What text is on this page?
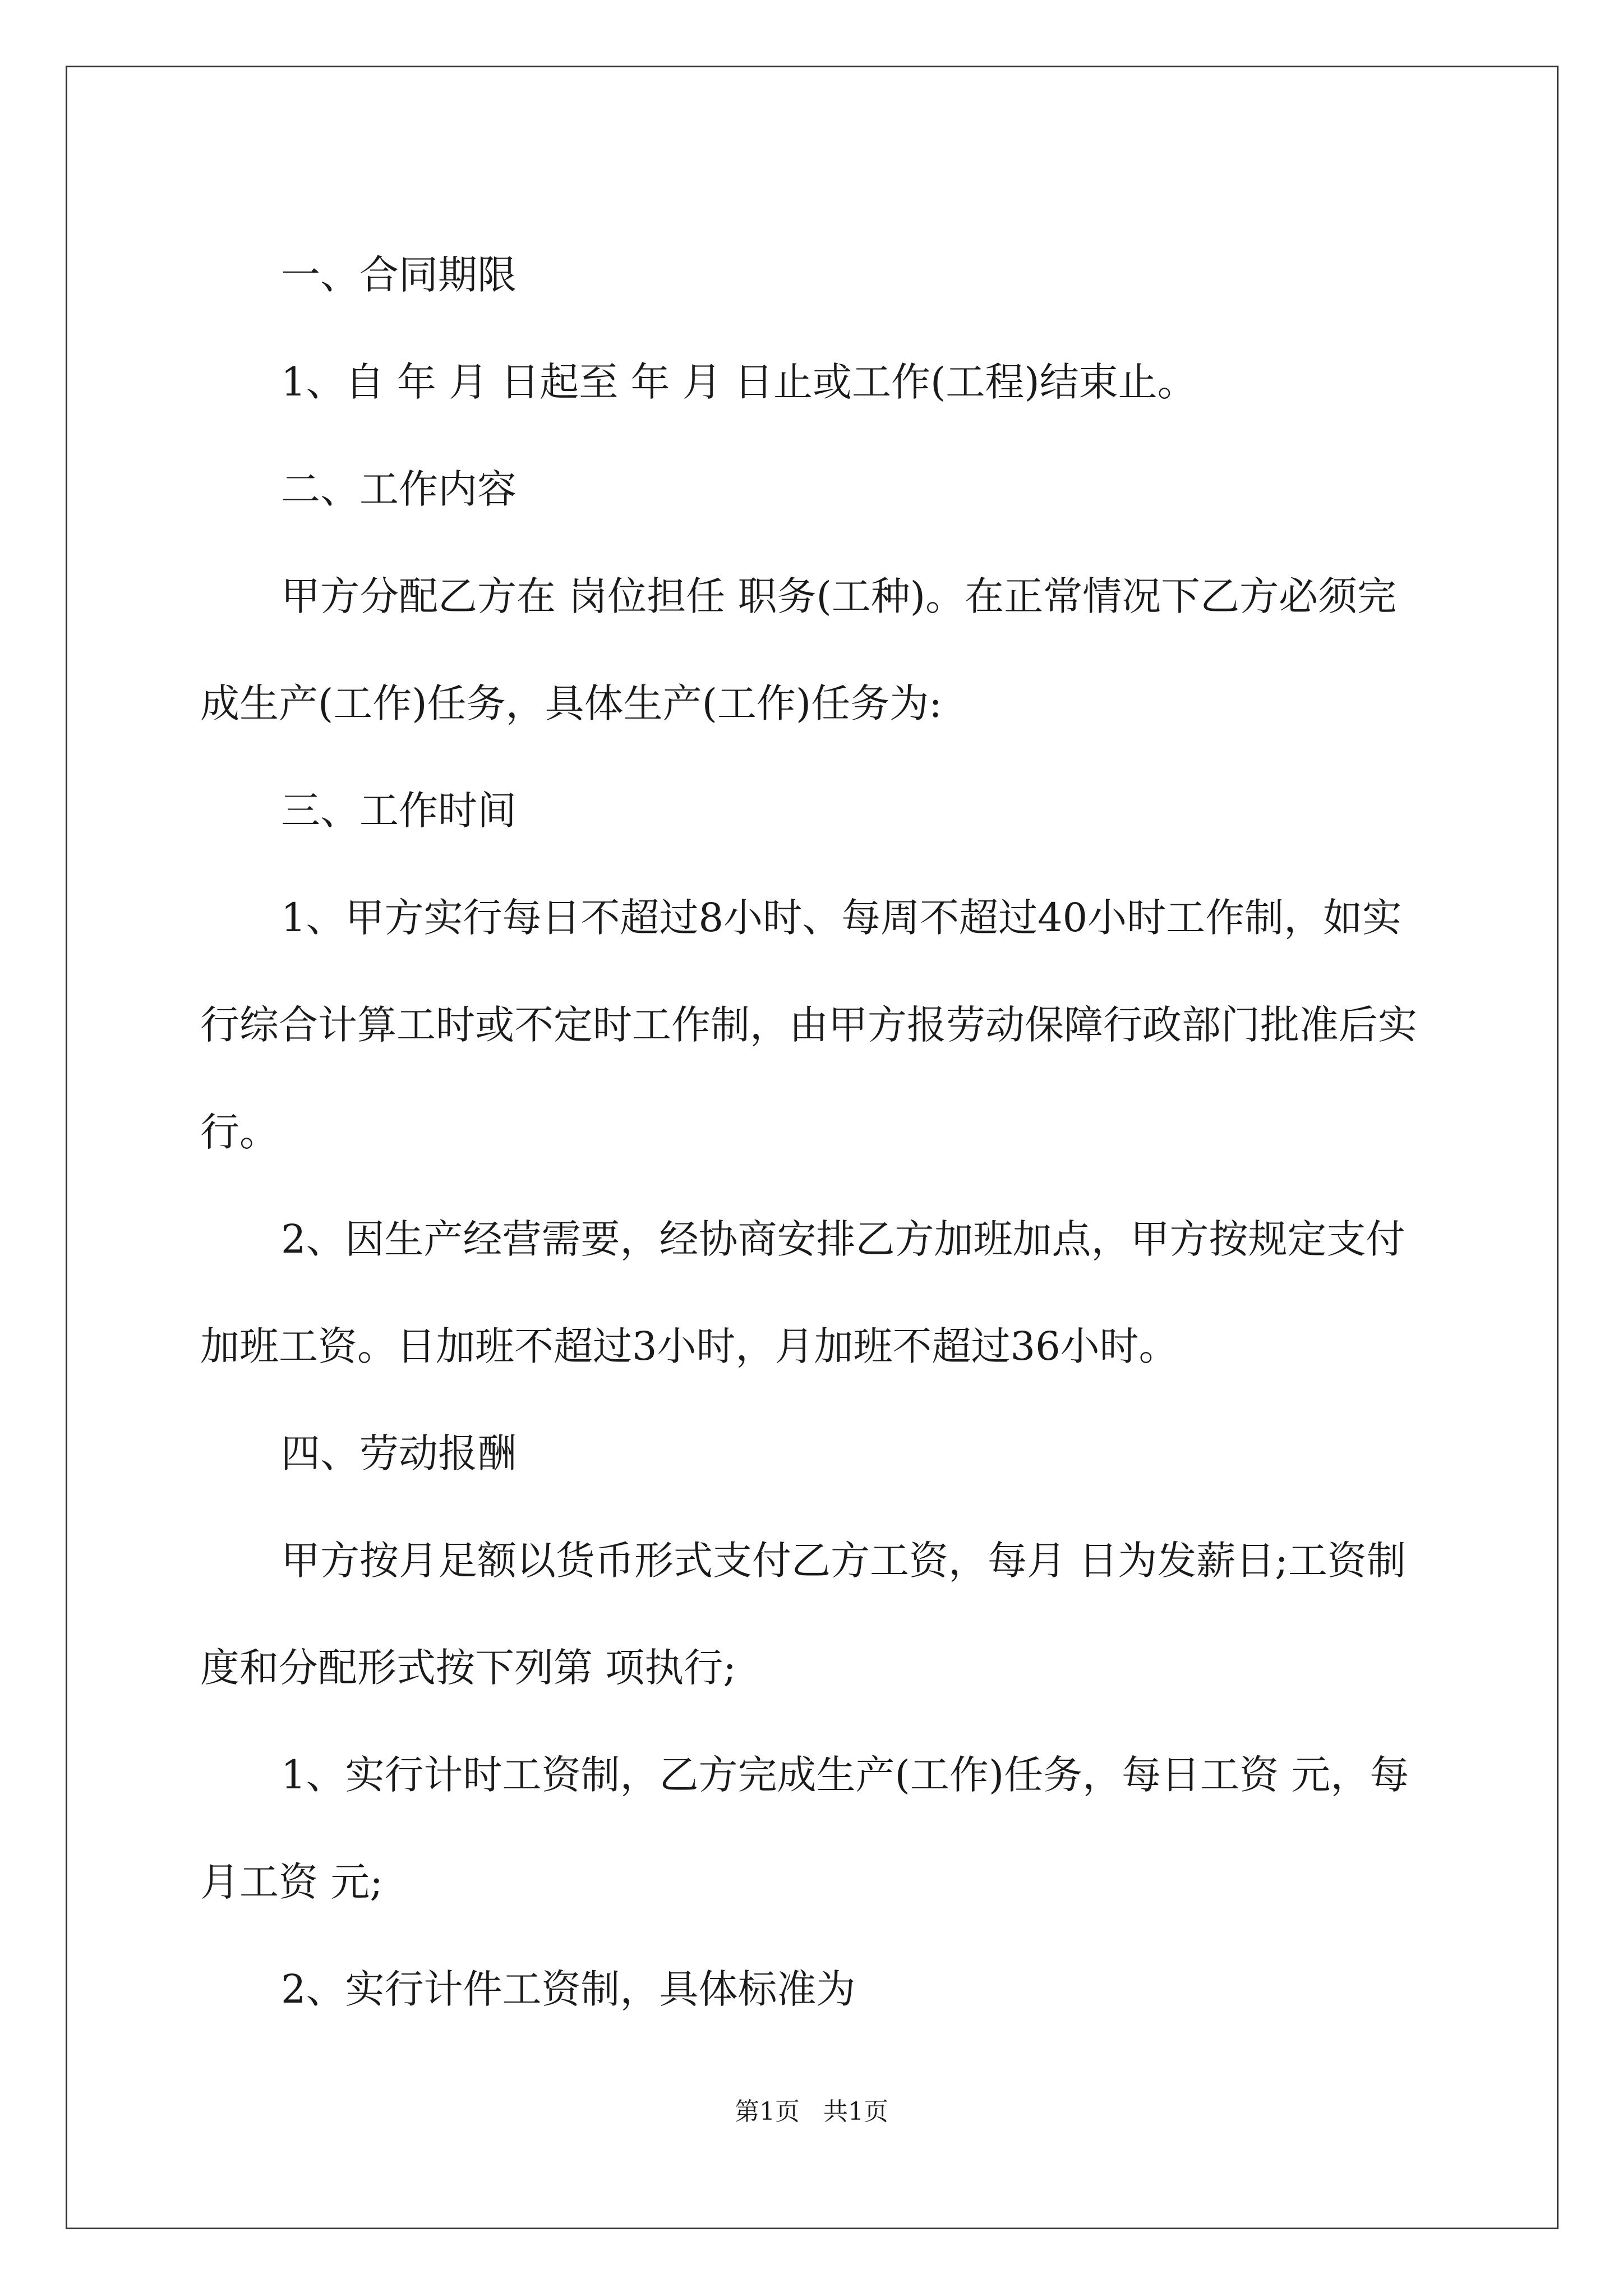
一、合同期限

1、自 年 月 日起至 年 月 日止或工作(工程)结束止。

二、工作内容

甲方分配乙方在 岗位担任 职务(工种)。在正常情况下乙方必须完成生产(工作)任务，具体生产(工作)任务为:

三、工作时间

1、甲方实行每日不超过8小时、每周不超过40小时工作制，如实行综合计算工时或不定时工作制，由甲方报劳动保障行政部门批准后实行。

2、因生产经营需要，经协商安排乙方加班加点，甲方按规定支付加班工资。日加班不超过3小时，月加班不超过36小时。

四、劳动报酬

甲方按月足额以货币形式支付乙方工资，每月 日为发薪日;工资制度和分配形式按下列第 项执行;

1、实行计时工资制，乙方完成生产(工作)任务，每日工资 元，每月工资 元;

2、实行计件工资制，具体标准为

第1页 共1页
